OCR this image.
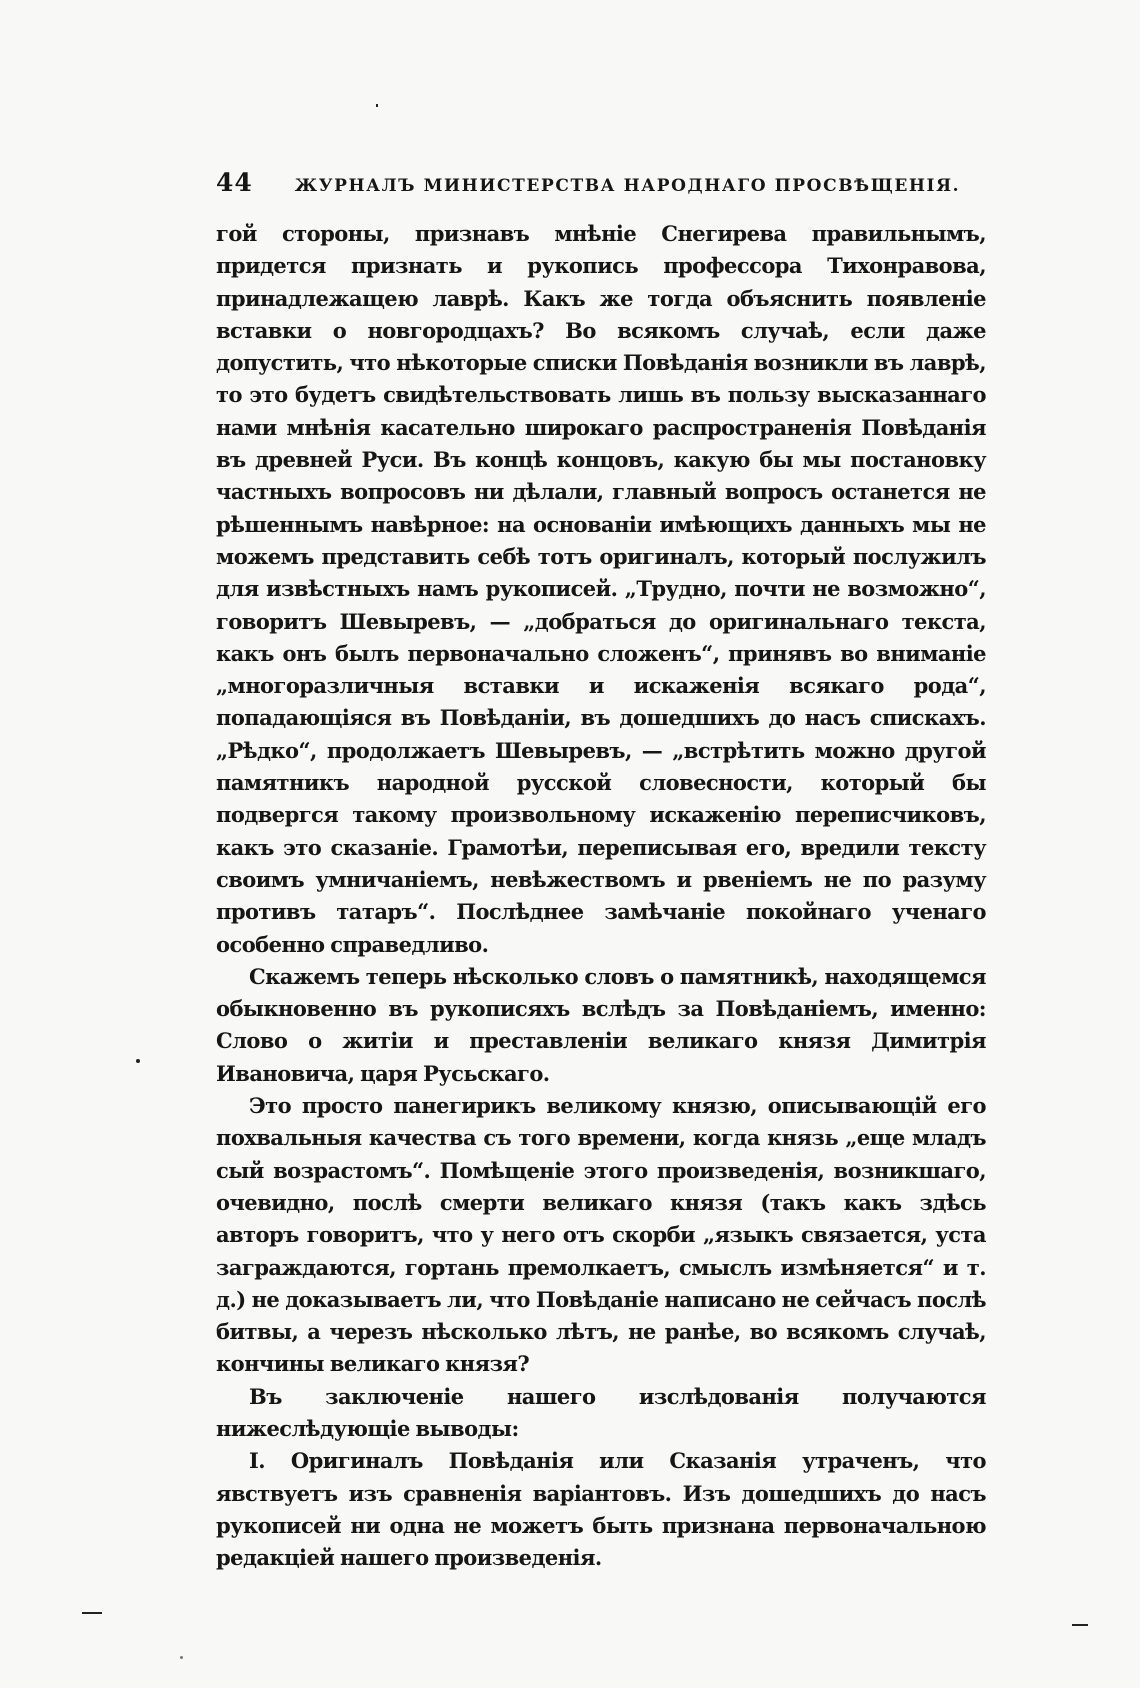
44 ЖУРНАЛЪ МИНИСТЕРСТВА НАРОДНАГО ПРОСВѢЩЕНІЯ.

гой стороны, признавъ мнѣніе Снегирева правильнымъ, придется признать и рукопись профессора Тихонравова, принадлежащею лаврѣ. Какъ же тогда объяснить появленіе вставки о новгородцахъ? Во всякомъ случаѣ, если даже допустить, что нѣкоторые списки Повѣданія возникли въ лаврѣ, то это будетъ свидѣтельствовать лишь въ пользу высказаннаго нами мнѣнія касательно широкаго распространенія Повѣданія въ древней Руси. Въ концѣ концовъ, какую бы мы постановку частныхъ вопросовъ ни дѣлали, главный вопросъ останется не рѣшеннымъ навѣрное: на основаніи имѣющихъ данныхъ мы не можемъ представить себѣ тотъ оригиналъ, который послужилъ для извѣстныхъ намъ рукописей. „Трудно, почти не возможно“, говоритъ Шевыревъ, — „добраться до оригинальнаго текста, какъ онъ былъ первоначально сложенъ“, принявъ во вниманіе „многоразличныя вставки и искаженія всякаго рода“, попадающіяся въ Повѣданіи, въ дошедшихъ до насъ спискахъ. „Рѣдко“, продолжаетъ Шевыревъ, — „встрѣтить можно другой памятникъ народной русской словесности, который бы подвергся такому произвольному искаженію переписчиковъ, какъ это сказаніе. Грамотѣи, переписывая его, вредили тексту своимъ умничаніемъ, невѣжествомъ и рвеніемъ не по разуму противъ татаръ“. Послѣднее замѣчаніе покойнаго ученаго особенно справедливо.

Скажемъ теперь нѣсколько словъ о памятникѣ, находящемся обыкновенно въ рукописяхъ вслѣдъ за Повѣданіемъ, именно: Слово о житіи и преставленіи великаго князя Димитрія Ивановича, царя Русьскаго.

Это просто панегирикъ великому князю, описывающій его похвальныя качества съ того времени, когда князь „еще младъ сый возрастомъ“. Помѣщеніе этого произведенія, возникшаго, очевидно, послѣ смерти великаго князя (такъ какъ здѣсь авторъ говоритъ, что у него отъ скорби „языкъ связается, уста заграждаются, гортань премолкаетъ, смыслъ измѣняется“ и т. д.) не доказываетъ ли, что Повѣданіе написано не сейчасъ послѣ битвы, а черезъ нѣсколько лѣтъ, не ранѣе, во всякомъ случаѣ, кончины великаго князя?

Въ заключеніе нашего изслѣдованія получаются нижеслѣдующіе выводы:

I. Оригиналъ Повѣданія или Сказанія утраченъ, что явствуетъ изъ сравненія варіантовъ. Изъ дошедшихъ до насъ рукописей ни одна не можетъ быть признана первоначальною редакціей нашего произведенія.
